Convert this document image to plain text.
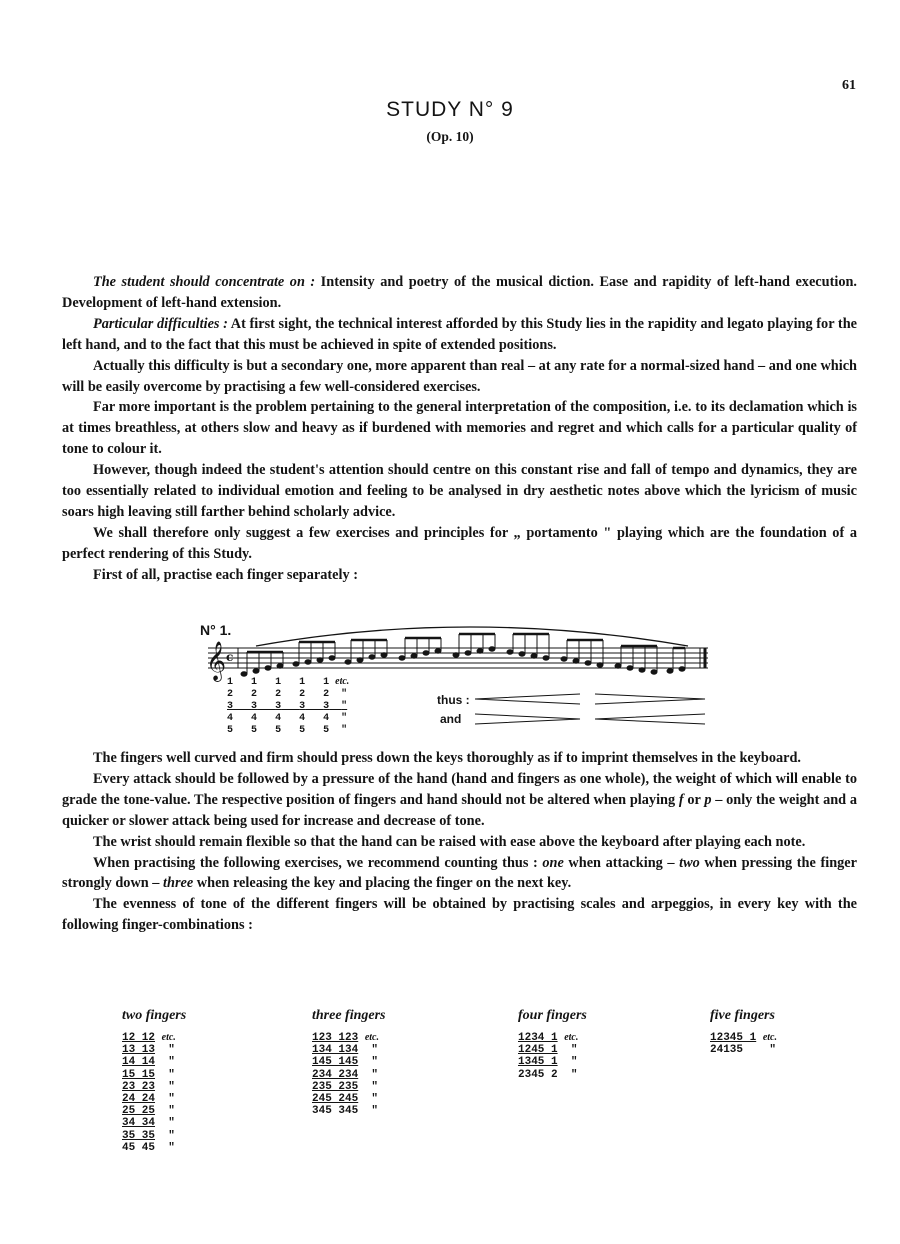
61
STUDY N° 9
(Op. 10)

The student should concentrate on : Intensity and poetry of the musical diction. Ease and rapidity of left-hand execution. Development of left-hand extension.

Particular difficulties : At first sight, the technical interest afforded by this Study lies in the rapidity and legato playing for the left hand, and to the fact that this must be achieved in spite of extended positions.

Actually this difficulty is but a secondary one, more apparent than real – at any rate for a normal-sized hand – and one which will be easily overcome by practising a few well-considered exercises.

Far more important is the problem pertaining to the general interpretation of the composition, i.e. to its declamation which is at times breathless, at others slow and heavy as if burdened with memories and regret and which calls for a particular quality of tone to colour it.

However, though indeed the student's attention should centre on this constant rise and fall of tempo and dynamics, they are too essentially related to individual emotion and feeling to be analysed in dry aesthetic notes above which the lyricism of music soars high leaving still farther behind scholarly advice.

We shall therefore only suggest a few exercises and principles for „ portamento " playing which are the foundation of a perfect rendering of this Study.

First of all, practise each finger separately :

N° 1.
𝄞 c
1 1 1 1 1 etc.
2 2 2 2 2 "
3 3 3 3 3 "
4 4 4 4 4 "
5 5 5 5 5 "
thus :
and

The fingers well curved and firm should press down the keys thoroughly as if to imprint themselves in the keyboard.

Every attack should be followed by a pressure of the hand (hand and fingers as one whole), the weight of which will enable to grade the tone-value. The respective position of fingers and hand should not be altered when playing f or p – only the weight and a quicker or slower attack being used for increase and decrease of tone.

The wrist should remain flexible so that the hand can be raised with ease above the keyboard after playing each note.

When practising the following exercises, we recommend counting thus : one when attacking – two when pressing the finger strongly down – three when releasing the key and placing the finger on the next key.

The evenness of tone of the different fingers will be obtained by practising scales and arpeggios, in every key with the following finger-combinations :

two fingers
12 12 etc.
13 13 "
14 14 "
15 15 "
23 23 "
24 24 "
25 25 "
34 34 "
35 35 "
45 45 "
three fingers
123 123 etc.
134 134 "
145 145 "
234 234 "
235 235 "
245 245 "
345 345 "
four fingers
1234 1 etc.
1245 1 "
1345 1 "
2345 2 "
five fingers
12345 1 etc.
24135 "
